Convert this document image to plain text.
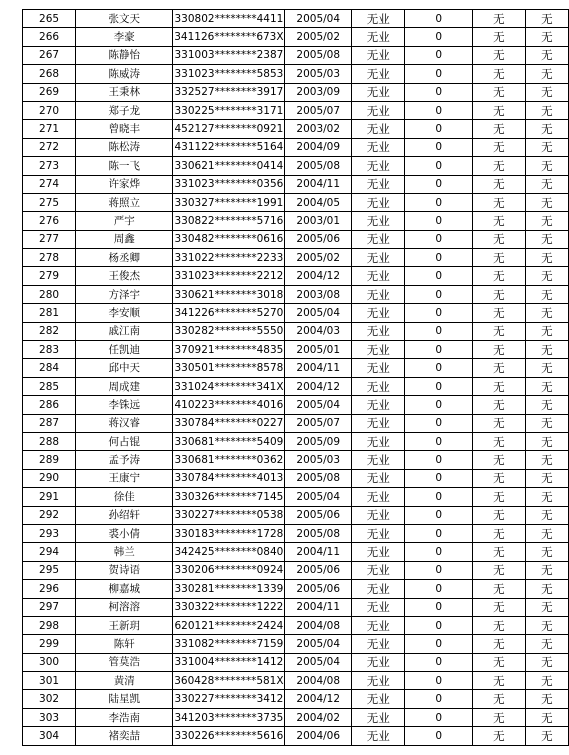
265	张文天	330802********4411	2005/04	无业	0	无	无
266	李豪	341126********673X	2005/02	无业	0	无	无
267	陈静怡	331003********2387	2005/08	无业	0	无	无
268	陈威涛	331023********5853	2005/03	无业	0	无	无
269	王秉林	332527********3917	2003/09	无业	0	无	无
270	郑子龙	330225********3171	2005/07	无业	0	无	无
271	曾晓丰	452127********0921	2003/02	无业	0	无	无
272	陈松涛	431122********5164	2004/09	无业	0	无	无
273	陈一飞	330621********0414	2005/08	无业	0	无	无
274	许家烨	331023********0356	2004/11	无业	0	无	无
275	蒋照立	330327********1991	2004/05	无业	0	无	无
276	严宇	330822********5716	2003/01	无业	0	无	无
277	周鑫	330482********0616	2005/06	无业	0	无	无
278	杨丞卿	331022********2233	2005/02	无业	0	无	无
279	王俊杰	331023********2212	2004/12	无业	0	无	无
280	方泽宇	330621********3018	2003/08	无业	0	无	无
281	李安顺	341226********5270	2005/04	无业	0	无	无
282	戚江南	330282********5550	2004/03	无业	0	无	无
283	任凯迪	370921********4835	2005/01	无业	0	无	无
284	邱中天	330501********8578	2004/11	无业	0	无	无
285	周成建	331024********341X	2004/12	无业	0	无	无
286	李铢远	410223********4016	2005/04	无业	0	无	无
287	蒋汉睿	330784********0227	2005/07	无业	0	无	无
288	何占锟	330681********5409	2005/09	无业	0	无	无
289	孟予涛	330681********0362	2005/03	无业	0	无	无
290	王康宁	330784********4013	2005/08	无业	0	无	无
291	徐佳	330326********7145	2005/04	无业	0	无	无
292	孙绍轩	330227********0538	2005/06	无业	0	无	无
293	裘小倩	330183********1728	2005/08	无业	0	无	无
294	韩兰	342425********0840	2004/11	无业	0	无	无
295	贺诗语	330206********0924	2005/06	无业	0	无	无
296	柳嘉城	330281********1339	2005/06	无业	0	无	无
297	柯溶溶	330322********1222	2004/11	无业	0	无	无
298	王新玥	620121********2424	2004/08	无业	0	无	无
299	陈轩	331082********7159	2005/04	无业	0	无	无
300	管莫浩	331004********1412	2005/04	无业	0	无	无
301	黄清	360428********581X	2004/08	无业	0	无	无
302	陆星凯	330227********3412	2004/12	无业	0	无	无
303	李浩南	341203********3735	2004/02	无业	0	无	无
304	褚奕喆	330226********5616	2004/06	无业	0	无	无
